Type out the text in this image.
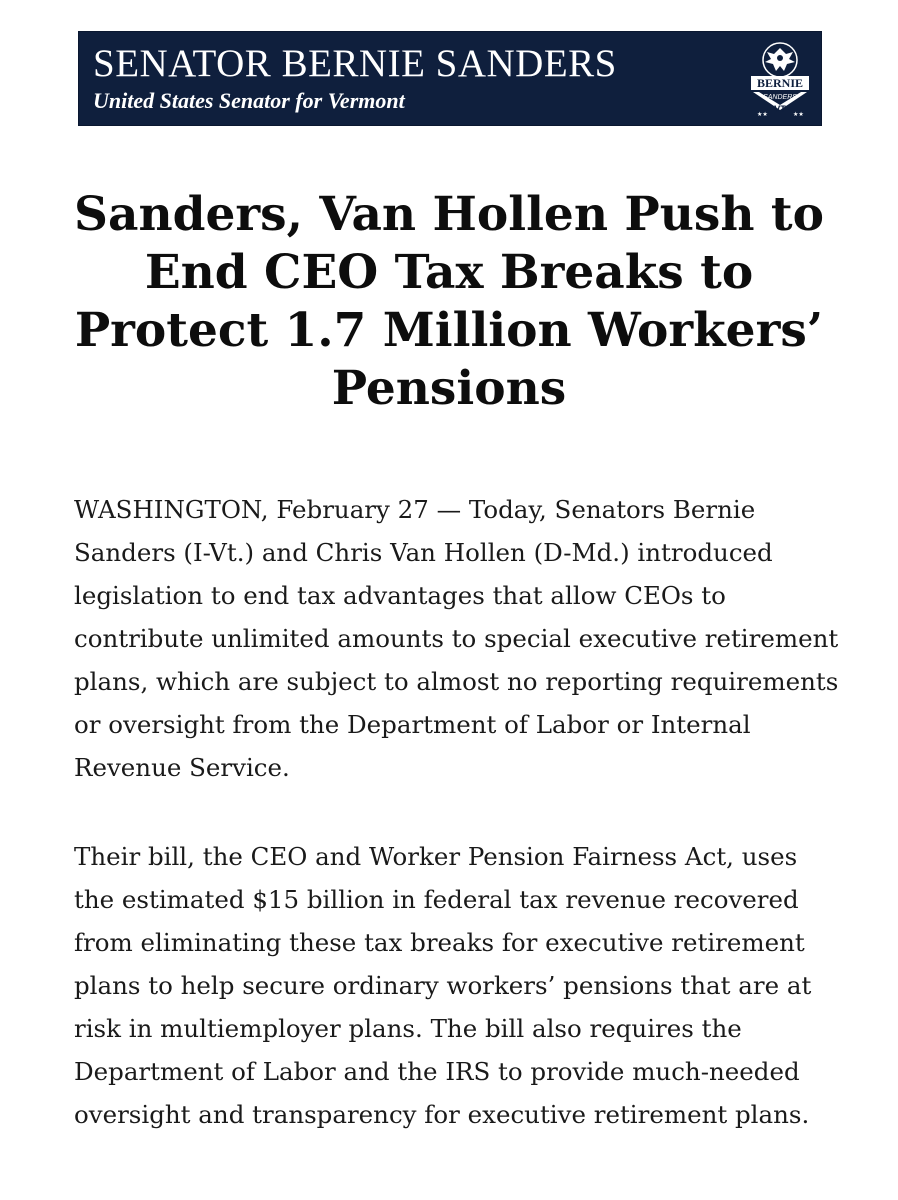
SENATOR BERNIE SANDERS
United States Senator for Vermont
BERNIE
SANDERS
VT
★★	★★
Sanders, Van Hollen Push to End CEO Tax Breaks to Protect 1.7 Million Workers’ Pensions

WASHINGTON, February 27 — Today, Senators Bernie Sanders (I-Vt.) and Chris Van Hollen (D-Md.) introduced legislation to end tax advantages that allow CEOs to contribute unlimited amounts to special executive retirement plans, which are subject to almost no reporting requirements or oversight from the Department of Labor or Internal Revenue Service.

Their bill, the CEO and Worker Pension Fairness Act, uses the estimated $15 billion in federal tax revenue recovered from eliminating these tax breaks for executive retirement plans to help secure ordinary workers’ pensions that are at risk in multiemployer plans. The bill also requires the Department of Labor and the IRS to provide much-needed oversight and transparency for executive retirement plans.
